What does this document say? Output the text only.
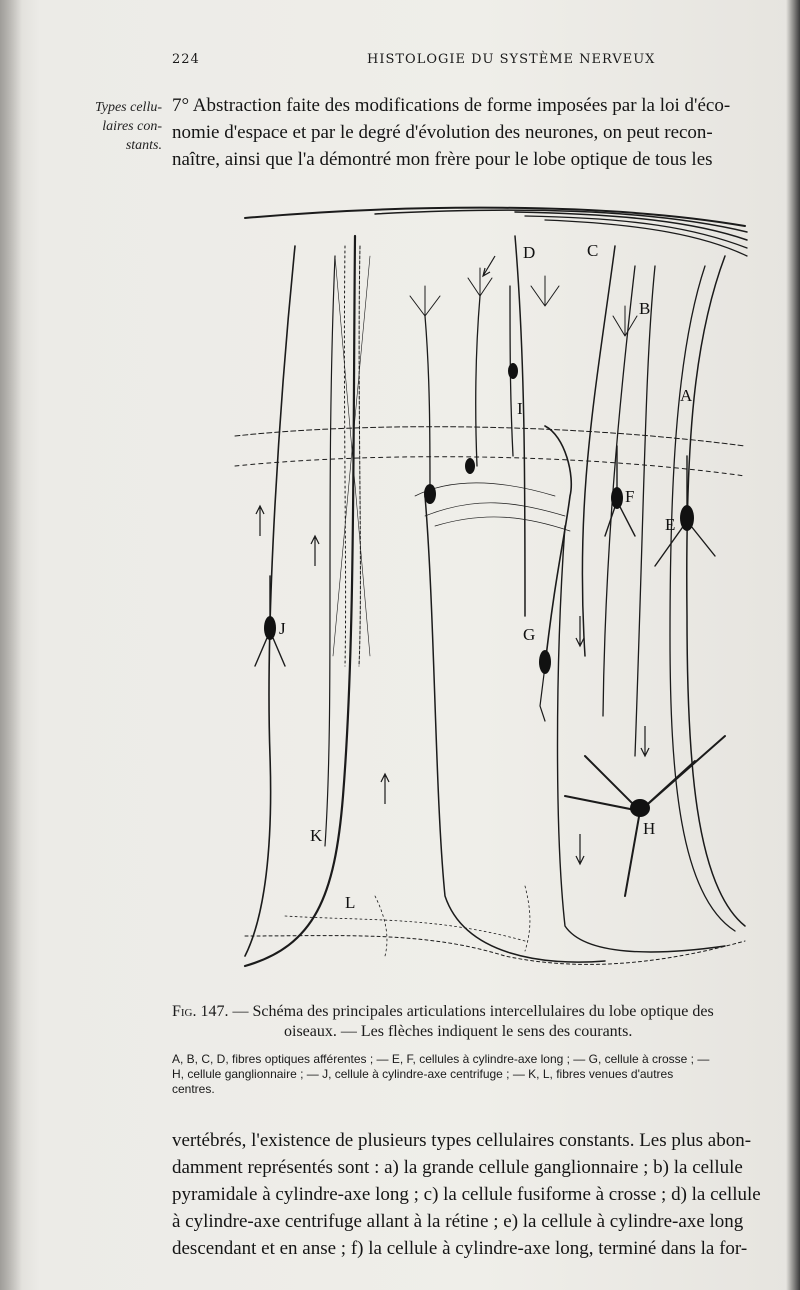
224	HISTOLOGIE DU SYSTÈME NERVEUX
Types cellu-
laires con-
stants.
7° Abstraction faite des modifications de forme imposées par la loi d'éco-
nomie d'espace et par le degré d'évolution des neurones, on peut recon-
naître, ainsi que l'a démontré mon frère pour le lobe optique de tous les
A
B
C
D
E
F
G
H
I
J
K
L
Fig. 147. — Schéma des principales articulations intercellulaires du lobe optique des
oiseaux. — Les flèches indiquent le sens des courants.
A, B, C, D, fibres optiques afférentes ; — E, F, cellules à cylindre-axe long ; — G, cellule à crosse ; —
H, cellule ganglionnaire ; — J, cellule à cylindre-axe centrifuge ; — K, L, fibres venues d'autres
centres.
vertébrés, l'existence de plusieurs types cellulaires constants. Les plus abon-
damment représentés sont : a) la grande cellule ganglionnaire ; b) la cellule
pyramidale à cylindre-axe long ; c) la cellule fusiforme à crosse ; d) la cellule
à cylindre-axe centrifuge allant à la rétine ; e) la cellule à cylindre-axe long
descendant et en anse ; f) la cellule à cylindre-axe long, terminé dans la for-
